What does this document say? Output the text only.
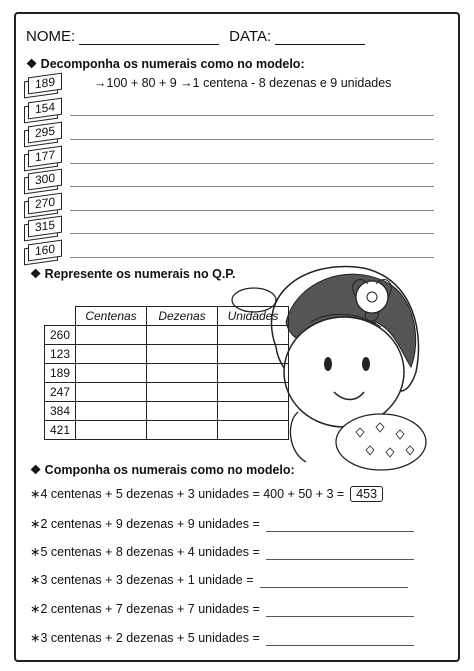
NOME:	DATA:
❖ Decomponha os numerais como no modelo:
189	→100 + 80 + 9 →1 centena - 8 dezenas e 9 unidades
154
295
177
300
270
315
160
❖ Represente os numerais no Q.P.
	Centenas	Dezenas	Unidades
260			
123			
189			
247			
384			
421			
❖ Componha os numerais como no modelo:
∗4 centenas + 5 dezenas + 3 unidades = 400 + 50 + 3 = 453
∗2 centenas + 9 dezenas + 9 unidades =
∗5 centenas + 8 dezenas + 4 unidades =
∗3 centenas + 3 dezenas + 1 unidade =
∗2 centenas + 7 dezenas + 7 unidades =
∗3 centenas + 2 dezenas + 5 unidades =
